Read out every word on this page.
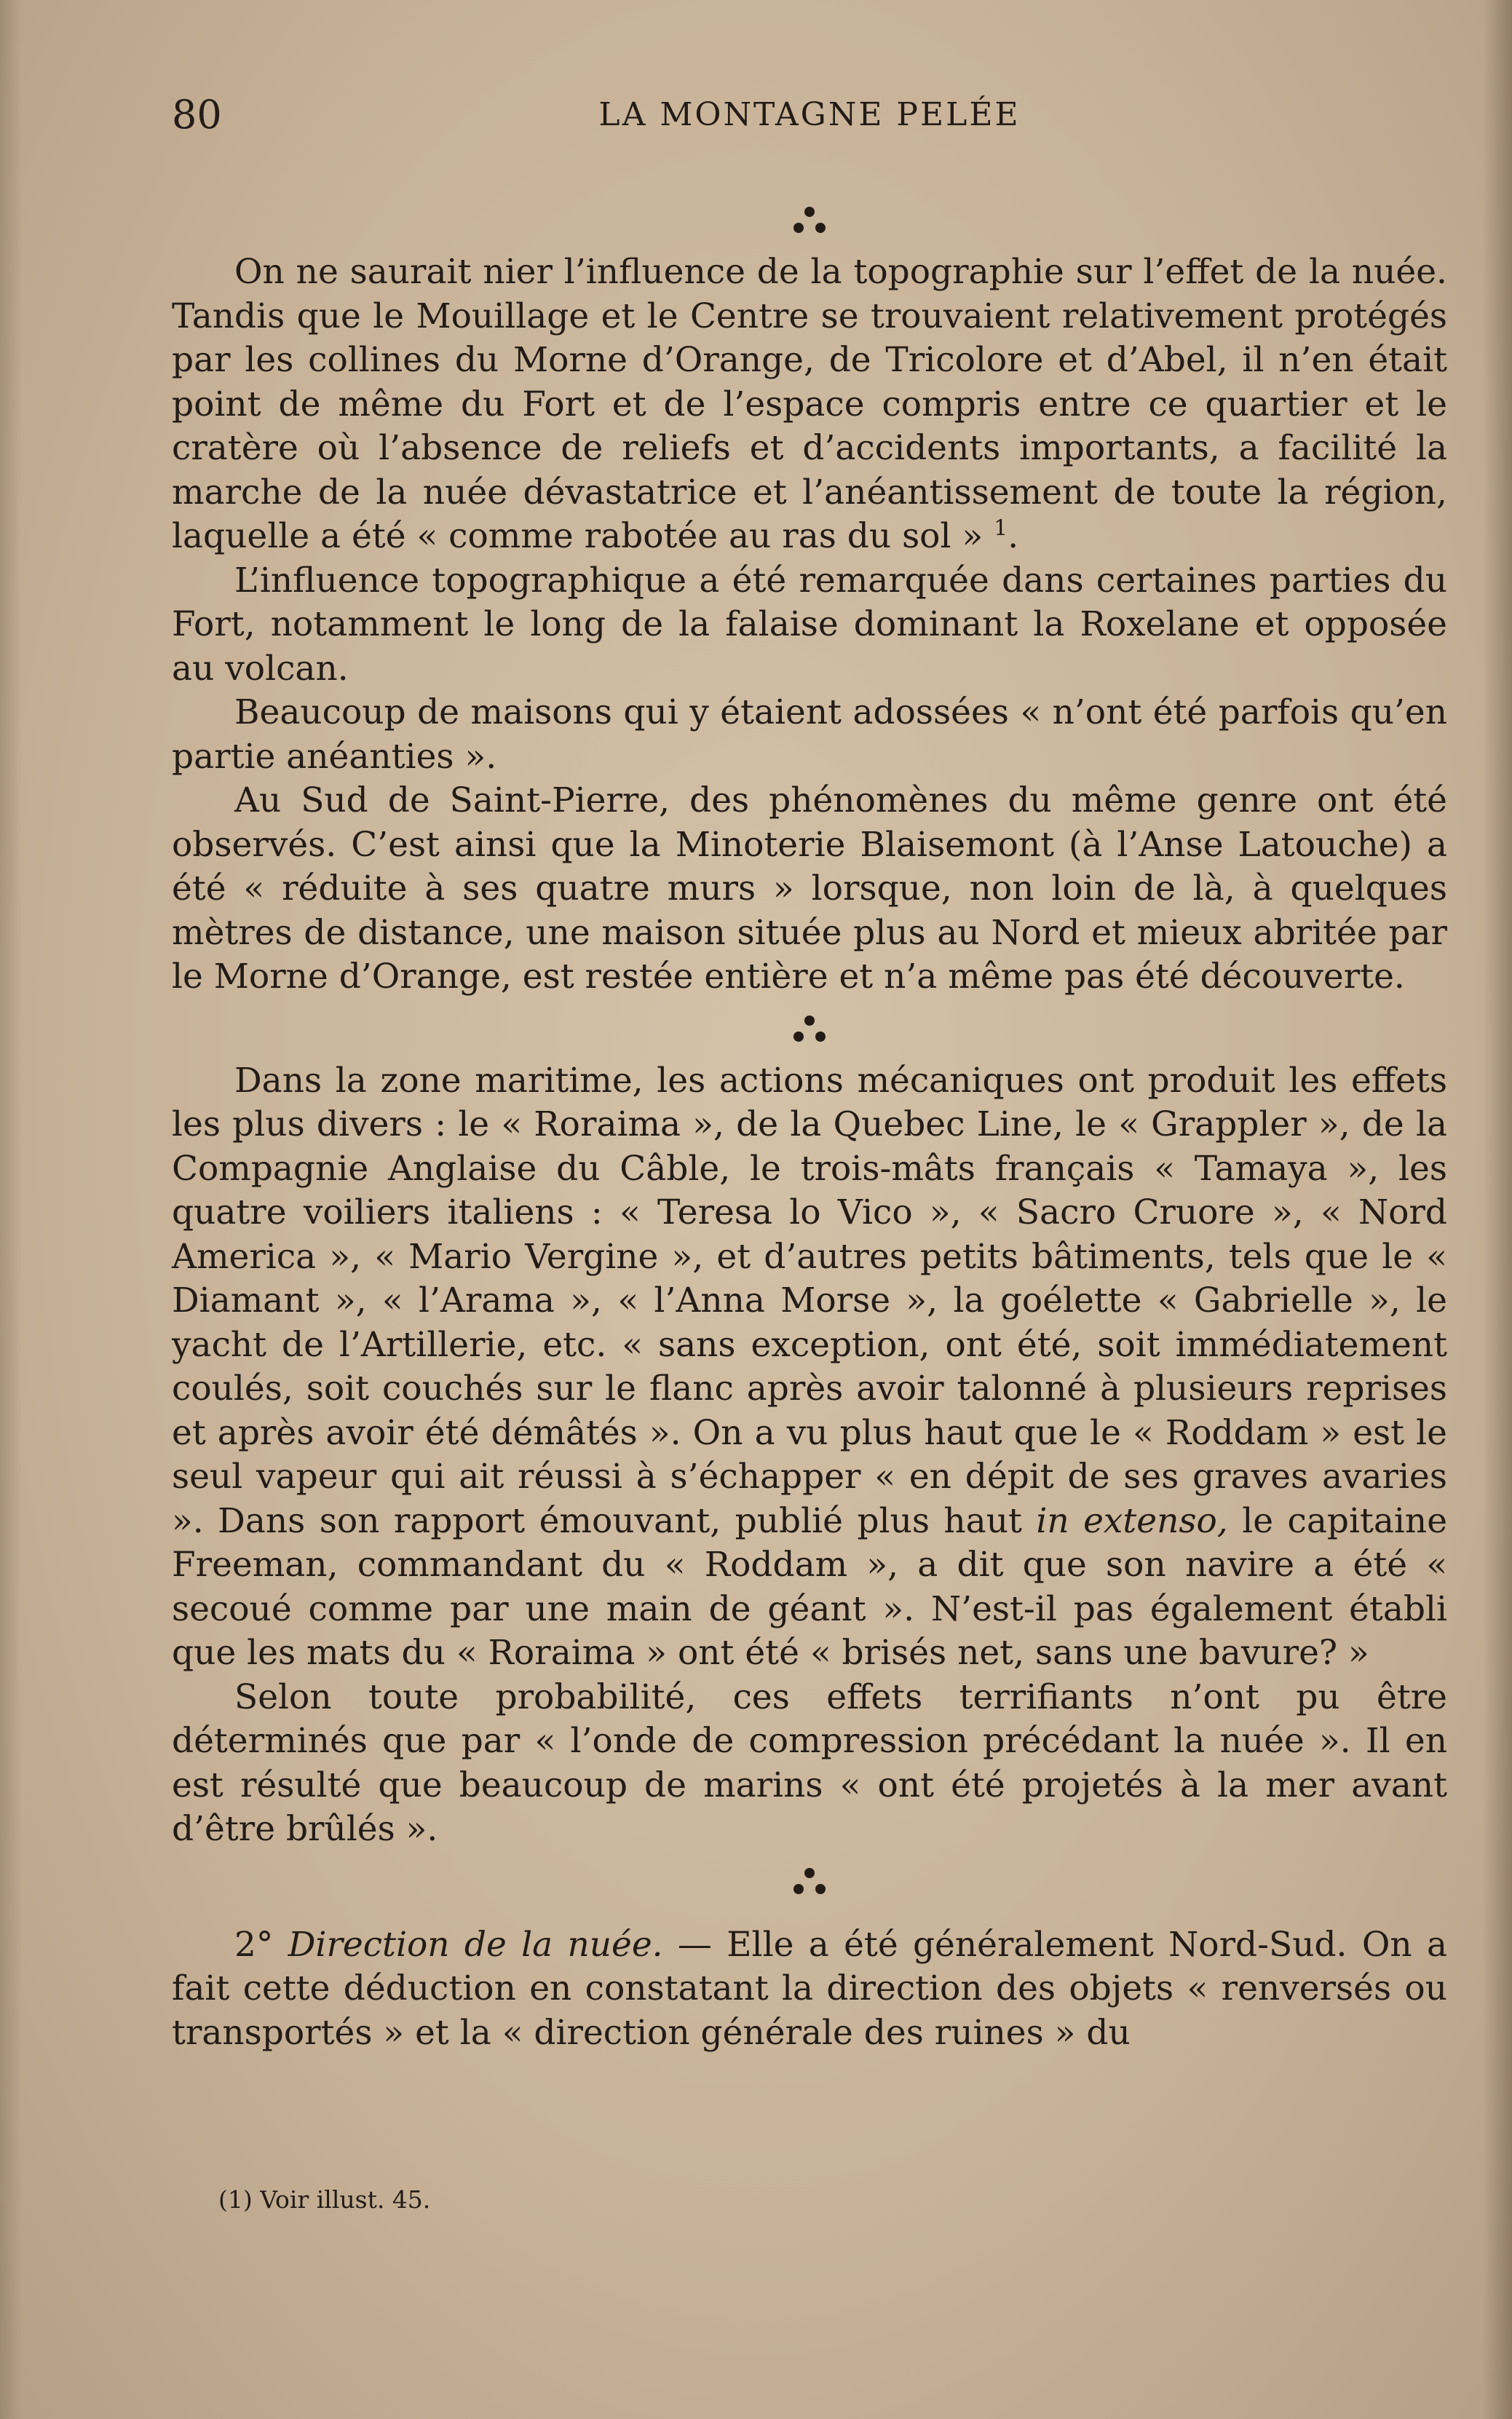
80	LA MONTAGNE PELÉE

On ne saurait nier l’influence de la topographie sur l’effet de la nuée. Tandis que le Mouillage et le Centre se trouvaient relativement protégés par les collines du Morne d’Orange, de Tricolore et d’Abel, il n’en était point de même du Fort et de l’espace compris entre ce quartier et le cratère où l’absence de reliefs et d’accidents importants, a facilité la marche de la nuée dévastatrice et l’anéantissement de toute la région, laquelle a été « comme rabotée au ras du sol » $^1$.

L’influence topographique a été remarquée dans certaines parties du Fort, notamment le long de la falaise dominant la Roxelane et opposée au volcan.

Beaucoup de maisons qui y étaient adossées « n’ont été parfois qu’en partie anéanties ».

Au Sud de Saint-Pierre, des phénomènes du même genre ont été observés. C’est ainsi que la Minoterie Blaisemont (à l’Anse Latouche) a été « réduite à ses quatre murs » lorsque, non loin de là, à quelques mètres de distance, une maison située plus au Nord et mieux abritée par le Morne d’Orange, est restée entière et n’a même pas été découverte.

Dans la zone maritime, les actions mécaniques ont produit les effets les plus divers : le « Roraima », de la Quebec Line, le « Grappler », de la Compagnie Anglaise du Câble, le trois-mâts français « Tamaya », les quatre voiliers italiens : « Teresa lo Vico », « Sacro Cruore », « Nord America », « Mario Vergine », et d’autres petits bâtiments, tels que le « Diamant », « l’Arama », « l’Anna Morse », la goélette « Gabrielle », le yacht de l’Artillerie, etc. « sans exception, ont été, soit immédiatement coulés, soit couchés sur le flanc après avoir talonné à plusieurs reprises et après avoir été démâtés ». On a vu plus haut que le « Roddam » est le seul vapeur qui ait réussi à s’échapper « en dépit de ses graves avaries ». Dans son rapport émouvant, publié plus haut in extenso, le capitaine Freeman, commandant du « Roddam », a dit que son navire a été « secoué comme par une main de géant ». N’est-il pas également établi que les mats du « Roraima » ont été « brisés net, sans une bavure? »

Selon toute probabilité, ces effets terrifiants n’ont pu être déterminés que par « l’onde de compression précédant la nuée ». Il en est résulté que beaucoup de marins « ont été projetés à la mer avant d’être brûlés ».

2° Direction de la nuée. — Elle a été généralement Nord-Sud. On a fait cette déduction en constatant la direction des objets « renversés ou transportés » et la « direction générale des ruines » du

(1) Voir illust. 45.
